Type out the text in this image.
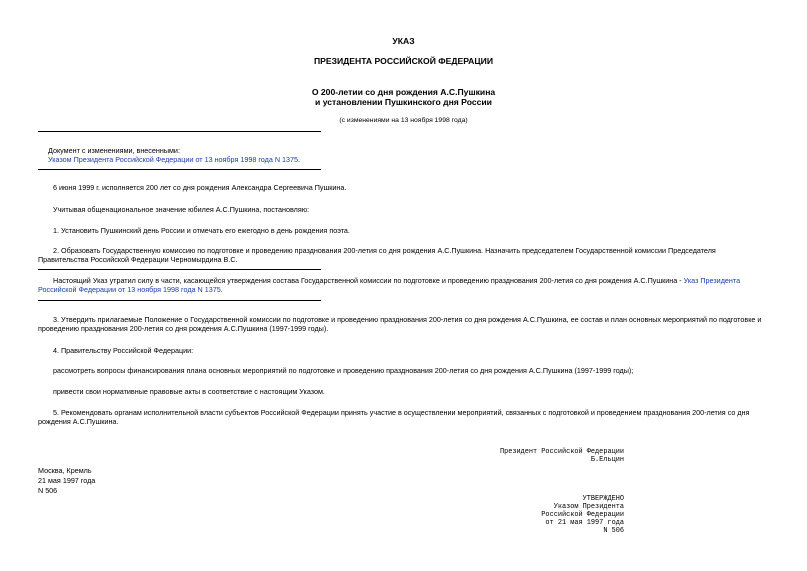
УКАЗ
ПРЕЗИДЕНТА РОССИЙСКОЙ ФЕДЕРАЦИИ
О 200-летии со дня рождения А.С.Пушкина
и установлении Пушкинского дня России
(с изменениями на 13 ноября 1998 года)
Документ с изменениями, внесенными:
Указом Президента Российской Федерации от 13 ноября 1998 года N 1375.
6 июня 1999 г. исполняется 200 лет со дня рождения Александра Сергеевича Пушкина.
Учитывая общенациональное значение юбилея А.С.Пушкина, постановляю:
1. Установить Пушкинский день России и отмечать его ежегодно в день рождения поэта.
2. Образовать Государственную комиссию по подготовке и проведению празднования 200-летия со дня рождения А.С.Пушкина. Назначить председателем Государственной комиссии Председателя
Правительства Российской Федерации Черномырдина В.С.
Настоящий Указ утратил силу в части, касающейся утверждения состава Государственной комиссии по подготовке и проведению празднования 200-летия со дня рождения А.С.Пушкина - Указ Президента
Российской Федерации от 13 ноября 1998 года N 1375.
3. Утвердить прилагаемые Положение о Государственной комиссии по подготовке и проведению празднования 200-летия со дня рождения А.С.Пушкина, ее состав и план основных мероприятий по подготовке и
проведению празднования 200-летия со дня рождения А.С.Пушкина (1997-1999 годы).
4. Правительству Российской Федерации:
рассмотреть вопросы финансирования плана основных мероприятий по подготовке и проведению празднования 200-летия со дня рождения А.С.Пушкина (1997-1999 годы);
привести свои нормативные правовые акты в соответствие с настоящим Указом.
5. Рекомендовать органам исполнительной власти субъектов Российской Федерации принять участие в осуществлении мероприятий, связанных с подготовкой и проведением празднования 200-летия со дня
рождения А.С.Пушкина.
Президент Российской Федерации
Б.Ельцин
Москва, Кремль
21 мая 1997 года
N 506
УТВЕРЖДЕНО
Указом Президента
Российской Федерации
от 21 мая 1997 года
N 506
